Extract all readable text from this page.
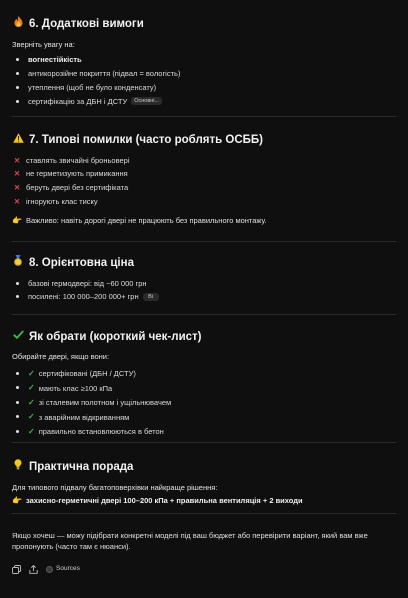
6. Додаткові вимоги
Зверніть увагу на:
вогнестійкість
антикорозійне покриття (підвал = вологість)
утеплення (щоб не було конденсату)
сертифікацію за ДБН і ДСТУ	Основні...
7. Типові помилки (часто роблять ОСББ)
✕ ставлять звичайні броньовері
✕ не герметизують примикання
✕ беруть двері без сертифіката
✕ ігнорують клас тиску
👉 Важливо: навіть дорогі двері не працюють без правильного монтажу.
8. Орієнтовна ціна
базові гермодвері: від ~60 000 грн
посилені: 100 000–200 000+ грн	Bi
Як обрати (короткий чек-лист)
Обирайте двері, якщо вони:
✓ сертифіковані (ДБН / ДСТУ)
✓ мають клас ≥100 кПа
✓ зі сталевим полотном і ущільнювачем
✓ з аварійним відкриванням
✓ правильно встановлюються в бетон
Практична порада
Для типового підвалу багатоповерхівки найкраще рішення:
👉 захисно-герметичні двері 100–200 кПа + правильна вентиляція + 2 виходи
Якщо хочеш — можу підібрати конкретні моделі під ваш бюджет або перевірити варіант, який вам вже пропонують (часто там є нюанси).
Sources
